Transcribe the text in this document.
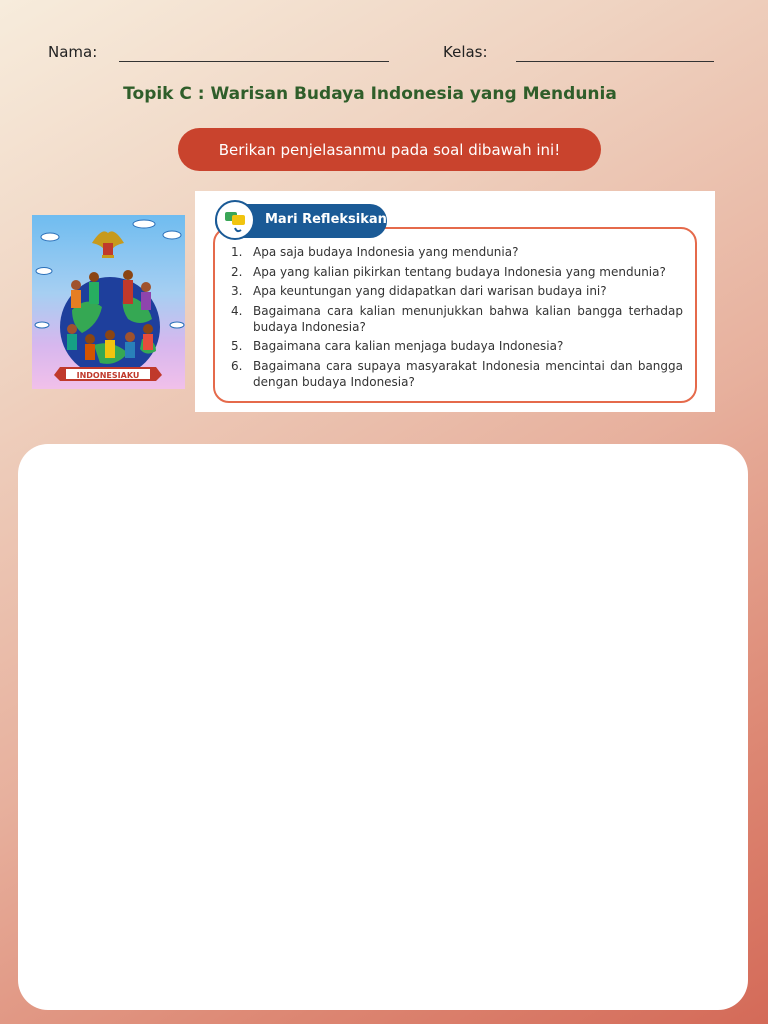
Nama:	Kelas:
Topik C : Warisan Budaya Indonesia yang Mendunia
Berikan penjelasanmu pada soal dibawah ini!
INDONESIAKU
Mari Refleksikan
1. Apa saja budaya Indonesia yang mendunia?
2. Apa yang kalian pikirkan tentang budaya Indonesia yang mendunia?
3. Apa keuntungan yang didapatkan dari warisan budaya ini?
4. Bagaimana cara kalian menunjukkan bahwa kalian bangga terhadap budaya Indonesia?
5. Bagaimana cara kalian menjaga budaya Indonesia?
6. Bagaimana cara supaya masyarakat Indonesia mencintai dan bangga dengan budaya Indonesia?
